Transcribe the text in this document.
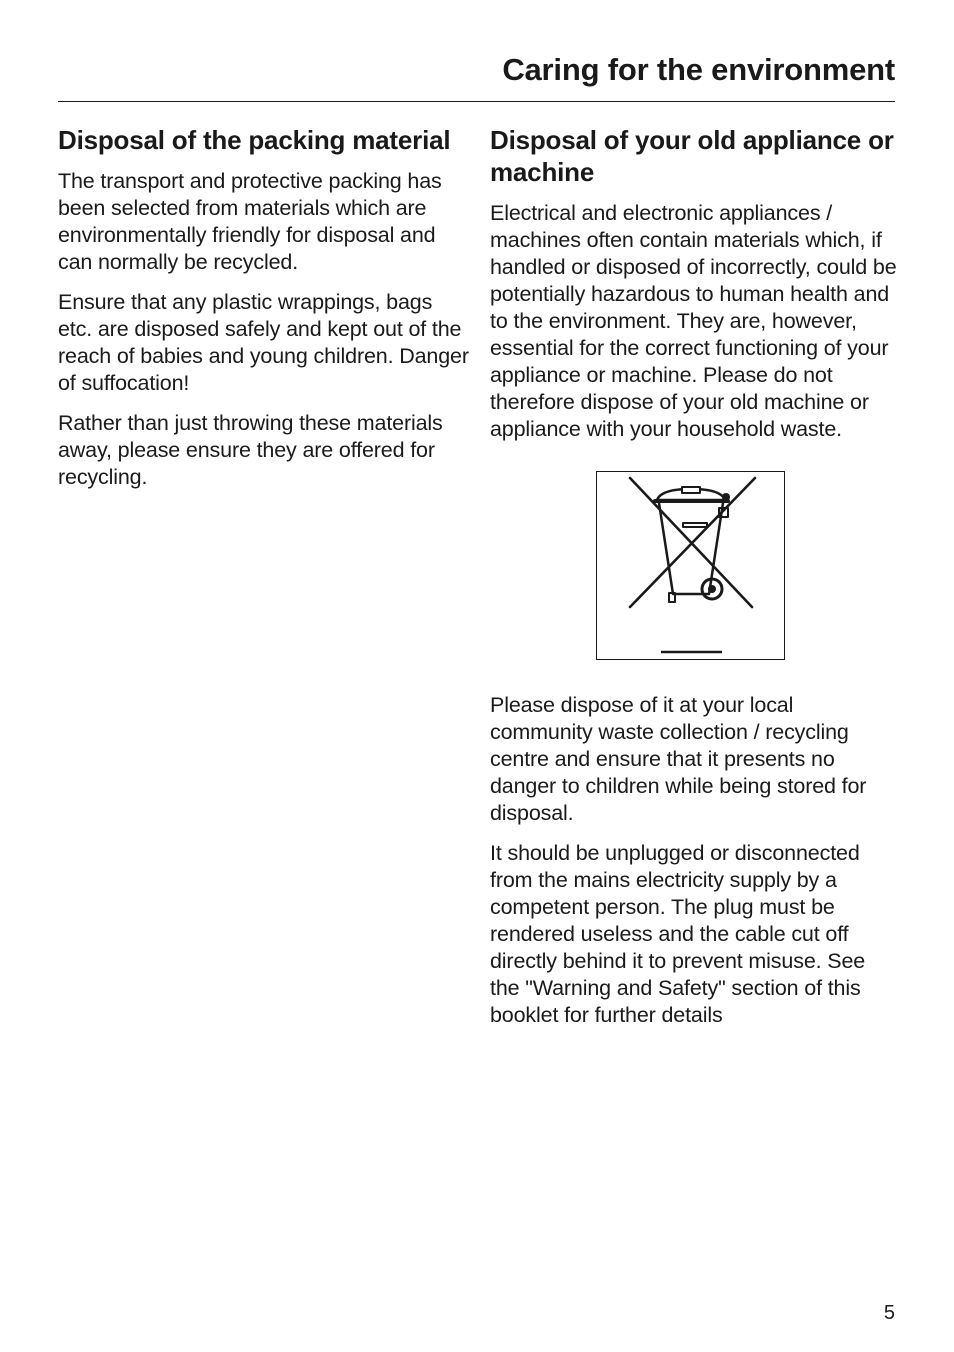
Caring for the environment
Disposal of the packing material

The transport and protective packing has been selected from materials which are environmentally friendly for disposal and can normally be recycled.

Ensure that any plastic wrappings, bags etc. are disposed safely and kept out of the reach of babies and young children. Danger of suffocation!

Rather than just throwing these materials away, please ensure they are offered for recycling.

Disposal of your old appliance or machine

Electrical and electronic appliances / machines often contain materials which, if handled or disposed of incorrectly, could be potentially hazardous to human health and to the environment. They are, however, essential for the correct functioning of your appliance or machine. Please do not therefore dispose of your old machine or appliance with your household waste.

Please dispose of it at your local community waste collection / recycling centre and ensure that it presents no danger to children while being stored for disposal.

It should be unplugged or disconnected from the mains electricity supply by a competent person. The plug must be rendered useless and the cable cut off directly behind it to prevent misuse. See the "Warning and Safety" section of this booklet for further details

5
